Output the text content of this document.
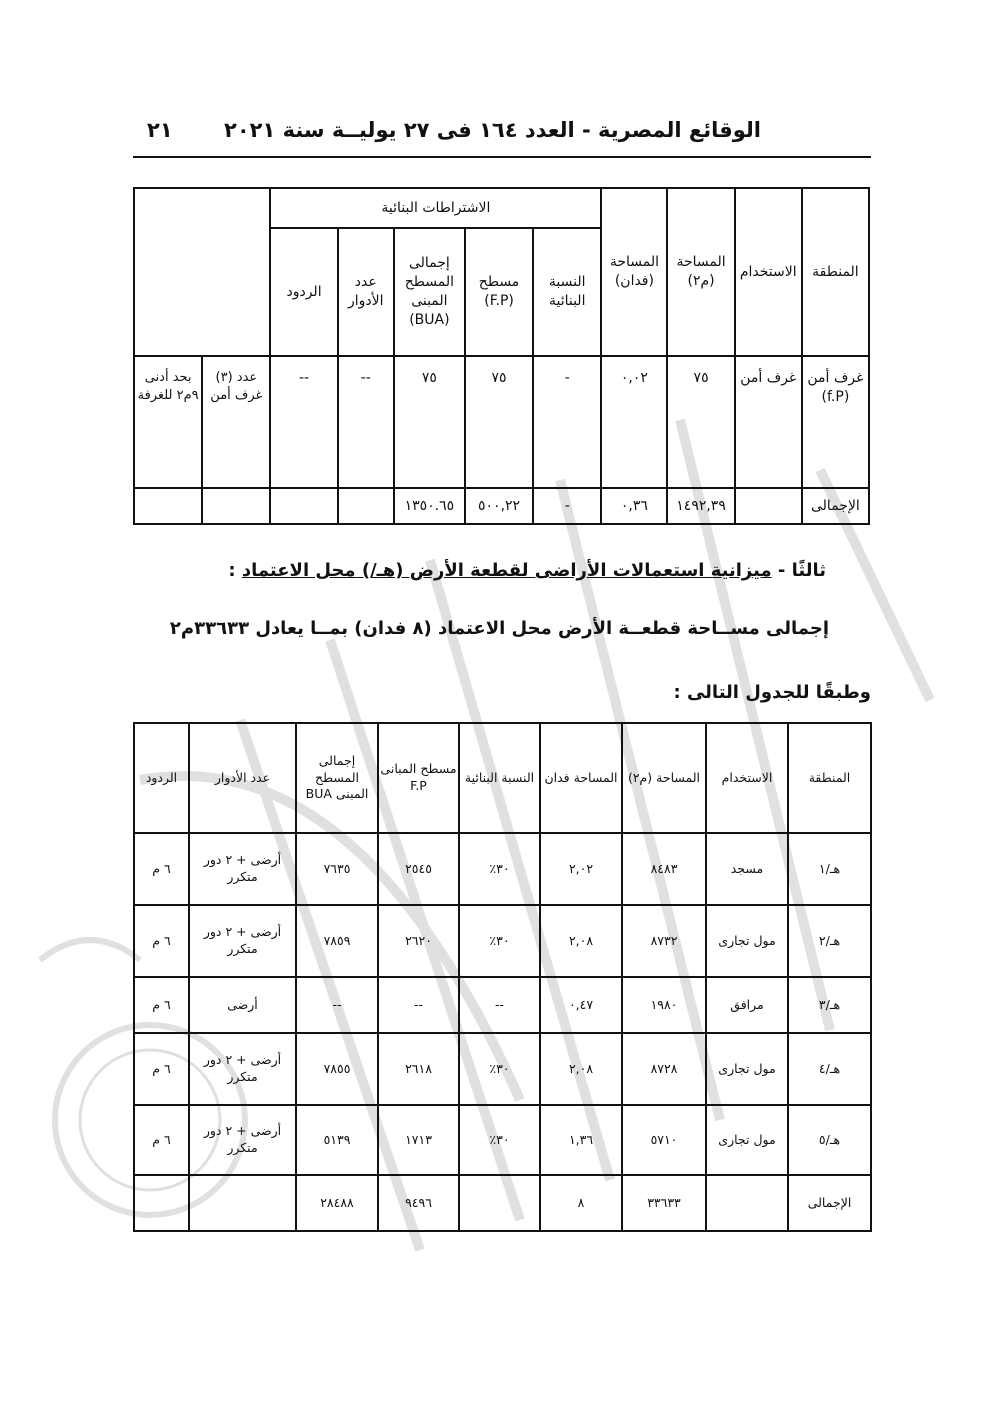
الوقائع المصرية - العدد ١٦٤ فى ٢٧ يوليــة سنة ٢٠٢١
٢١
المنطقة	الاستخدام	المساحة (م٢)	المساحة (فدان)	الاشتراطات البنائية						
				النسبة البنائية	مسطح (F.P)	إجمالى المسطح المبنى (BUA)	عدد الأدوار	الردود		
غرف أمن (f.P)	غرف أمن	٧٥	٠,٠٢	-	٧٥	٧٥	--	--	عدد (٣) غرف أمن	بحد أدنى ٩م٢ للغرفة
الإجمالى		١٤٩٢,٣٩	٠,٣٦	-	٥٠٠,٢٢	١٣٥٠.٦٥				
ثالثًا - ميزانية استعمالات الأراضى لقطعة الأرض (هـ/) محل الاعتماد :
إجمالى مســاحة قطعــة الأرض محل الاعتماد (٨ فدان) بمــا يعادل ٣٣٦٣٣م٢
وطبقًا للجدول التالى :
المنطقة	الاستخدام	المساحة (م٢)	المساحة فدان	النسبة البنائية	مسطح المبانى F.P	إجمالى المسطح المبنى BUA	عدد الأدوار	الردود
هـ/١	مسجد	٨٤٨٣	٢,٠٢	٣٠٪	٢٥٤٥	٧٦٣٥	أرضى + ٢ دور متكرر	٦ م
هـ/٢	مول تجارى	٨٧٣٢	٢,٠٨	٣٠٪	٢٦٢٠	٧٨٥٩	أرضى + ٢ دور متكرر	٦ م
هـ/٣	مرافق	١٩٨٠	٠,٤٧	--	--	--	أرضى	٦ م
هـ/٤	مول تجارى	٨٧٢٨	٢,٠٨	٣٠٪	٢٦١٨	٧٨٥٥	أرضى + ٢ دور متكرر	٦ م
هـ/٥	مول تجارى	٥٧١٠	١,٣٦	٣٠٪	١٧١٣	٥١٣٩	أرضى + ٢ دور متكرر	٦ م
الإجمالى		٣٣٦٣٣	٨		٩٤٩٦	٢٨٤٨٨		
